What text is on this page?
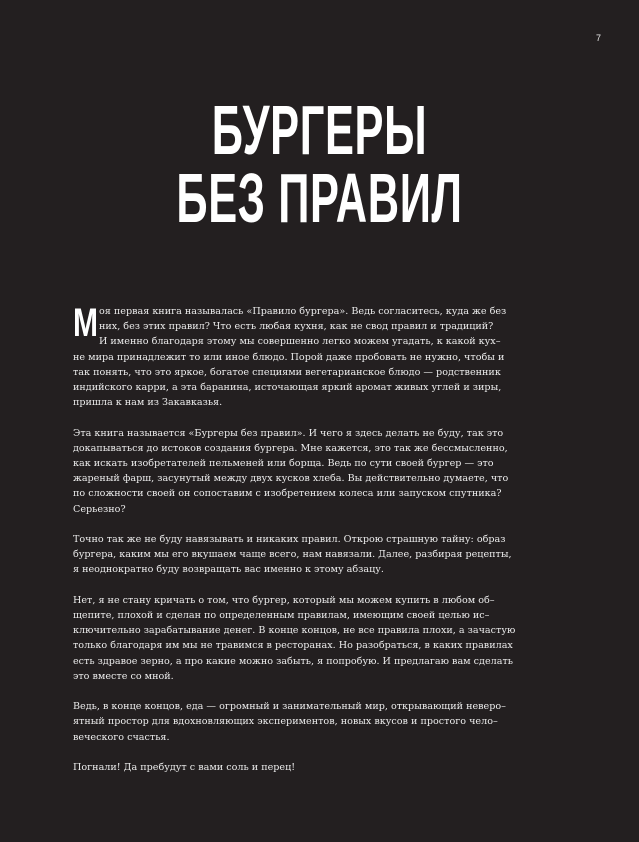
7
БУРГЕРЫ
БЕЗ ПРАВИЛ
М оя первая книга называлась «Правило бургера». Ведь согласитесь, куда же без
них, без этих правил? Что есть любая кухня, как не свод правил и традиций?
И именно благодаря этому мы совершенно легко можем угадать, к какой кух–
не мира принадлежит то или иное блюдо. Порой даже пробовать не нужно, чтобы и
так понять, что это яркое, богатое специями вегетарианское блюдо — родственник
индийского карри, а эта баранина, источающая яркий аромат живых углей и зиры,
пришла к нам из Закавказья.
Эта книга называется «Бургеры без правил». И чего я здесь делать не буду, так это
докапываться до истоков создания бургера. Мне кажется, это так же бессмысленно,
как искать изобретателей пельменей или борща. Ведь по сути своей бургер — это
жареный фарш, засунутый между двух кусков хлеба. Вы действительно думаете, что
по сложности своей он сопоставим с изобретением колеса или запуском спутника?
Серьезно?
Точно так же не буду навязывать и никаких правил. Открою страшную тайну: образ
бургера, каким мы его вкушаем чаще всего, нам навязали. Далее, разбирая рецепты,
я неоднократно буду возвращать вас именно к этому абзацу.
Нет, я не стану кричать о том, что бургер, который мы можем купить в любом об–
щепите, плохой и сделан по определенным правилам, имеющим своей целью ис–
ключительно зарабатывание денег. В конце концов, не все правила плохи, а зачастую
только благодаря им мы не травимся в ресторанах. Но разобраться, в каких правилах
есть здравое зерно, а про какие можно забыть, я попробую. И предлагаю вам сделать
это вместе со мной.
Ведь, в конце концов, еда — огромный и занимательный мир, открывающий неверо–
ятный простор для вдохновляющих экспериментов, новых вкусов и простого чело–
веческого счастья.
Погнали! Да пребудут с вами соль и перец!
